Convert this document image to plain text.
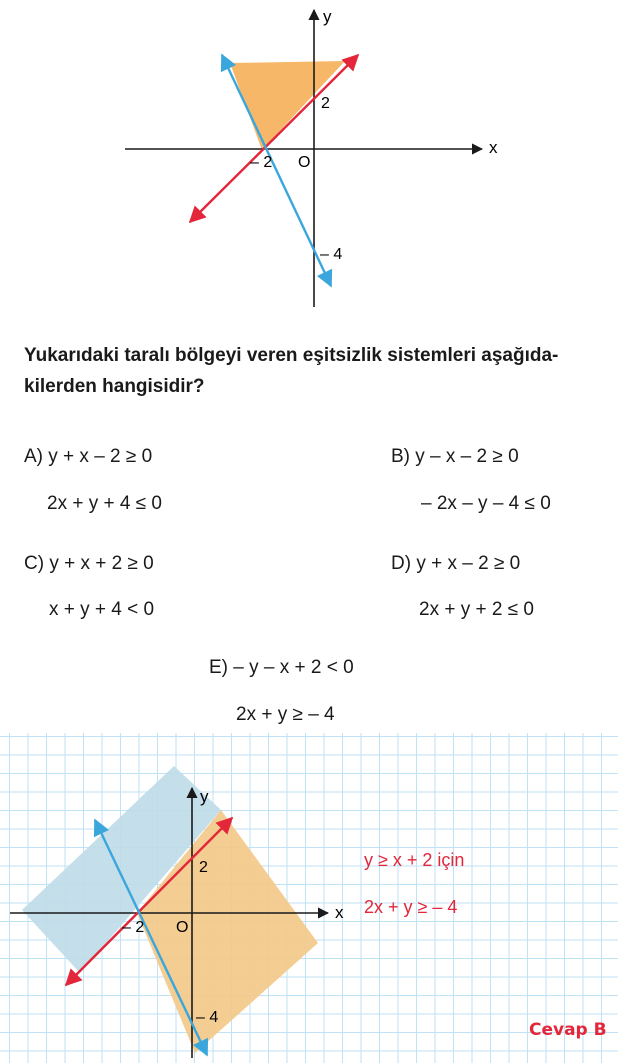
y
x
O
2
– 2
– 4
Yukarıdaki taralı bölgeyi veren eşitsizlik sistemleri aşağıda-kilerden hangisidir?
A) y + x – 2 ≥ 0
2x + y + 4 ≤ 0
B) y – x – 2 ≥ 0
– 2x – y – 4 ≤ 0
C) y + x + 2 ≥ 0
x + y + 4 < 0
D) y + x – 2 ≥ 0
2x + y + 2 ≤ 0
E) – y – x + 2 < 0
2x + y ≥ – 4
y
x
O
2
– 2
– 4
y ≥ x + 2 için
2x + y ≥ – 4
Cevap B
